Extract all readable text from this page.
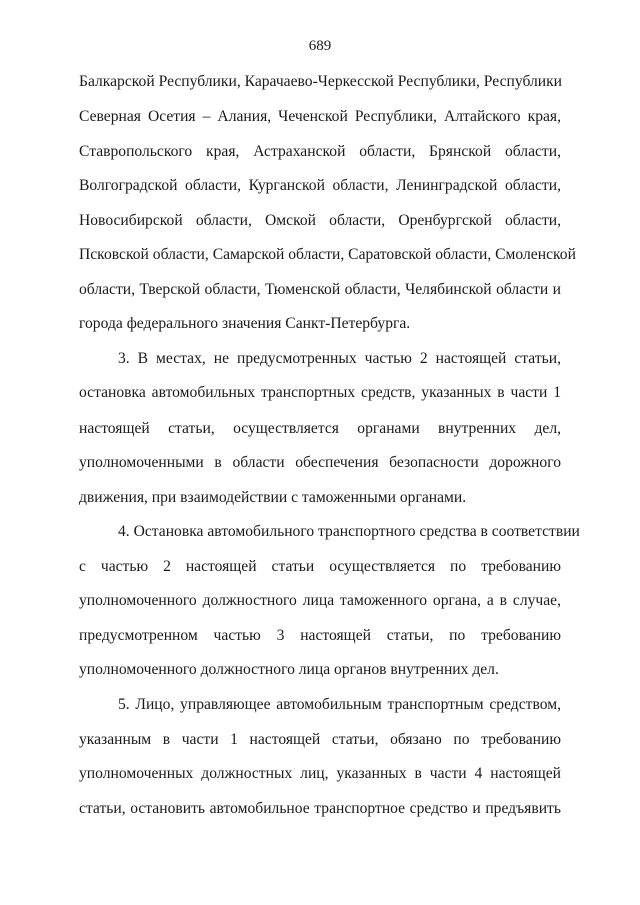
689
Балкарской Республики, Карачаево-Черкесской Республики, Республики
Северная Осетия – Алания, Чеченской Республики, Алтайского края,
Ставропольского края, Астраханской области, Брянской области,
Волгоградской области, Курганской области, Ленинградской области,
Новосибирской области, Омской области, Оренбургской области,
Псковской области, Самарской области, Саратовской области, Смоленской
области, Тверской области, Тюменской области, Челябинской области и
города федерального значения Санкт-Петербурга.
3. В местах, не предусмотренных частью 2 настоящей статьи,
остановка автомобильных транспортных средств, указанных в части 1
настоящей статьи, осуществляется органами внутренних дел,
уполномоченными в области обеспечения безопасности дорожного
движения, при взаимодействии с таможенными органами.
4. Остановка автомобильного транспортного средства в соответствии
с частью 2 настоящей статьи осуществляется по требованию
уполномоченного должностного лица таможенного органа, а в случае,
предусмотренном частью 3 настоящей статьи, по требованию
уполномоченного должностного лица органов внутренних дел.
5. Лицо, управляющее автомобильным транспортным средством,
указанным в части 1 настоящей статьи, обязано по требованию
уполномоченных должностных лиц, указанных в части 4 настоящей
статьи, остановить автомобильное транспортное средство и предъявить
